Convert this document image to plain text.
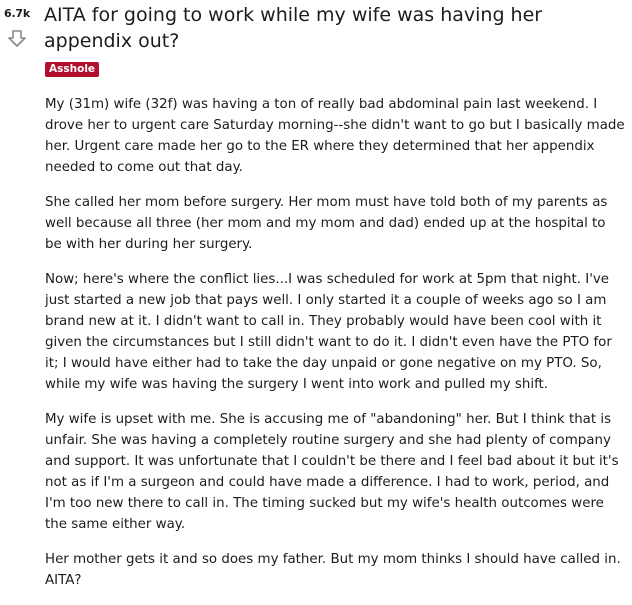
6.7k AITA for going to work while my wife was having her appendix out?
Asshole

My (31m) wife (32f) was having a ton of really bad abdominal pain last weekend. I drove her to urgent care Saturday morning--she didn't want to go but I basically made her. Urgent care made her go to the ER where they determined that her appendix needed to come out that day.

She called her mom before surgery. Her mom must have told both of my parents as well because all three (her mom and my mom and dad) ended up at the hospital to be with her during her surgery.

Now; here's where the conflict lies...I was scheduled for work at 5pm that night. I've just started a new job that pays well. I only started it a couple of weeks ago so I am brand new at it. I didn't want to call in. They probably would have been cool with it given the circumstances but I still didn't want to do it. I didn't even have the PTO for it; I would have either had to take the day unpaid or gone negative on my PTO. So, while my wife was having the surgery I went into work and pulled my shift.

My wife is upset with me. She is accusing me of "abandoning" her. But I think that is unfair. She was having a completely routine surgery and she had plenty of company and support. It was unfortunate that I couldn't be there and I feel bad about it but it's not as if I'm a surgeon and could have made a difference. I had to work, period, and I'm too new there to call in. The timing sucked but my wife's health outcomes were the same either way.

Her mother gets it and so does my father. But my mom thinks I should have called in. AITA?
